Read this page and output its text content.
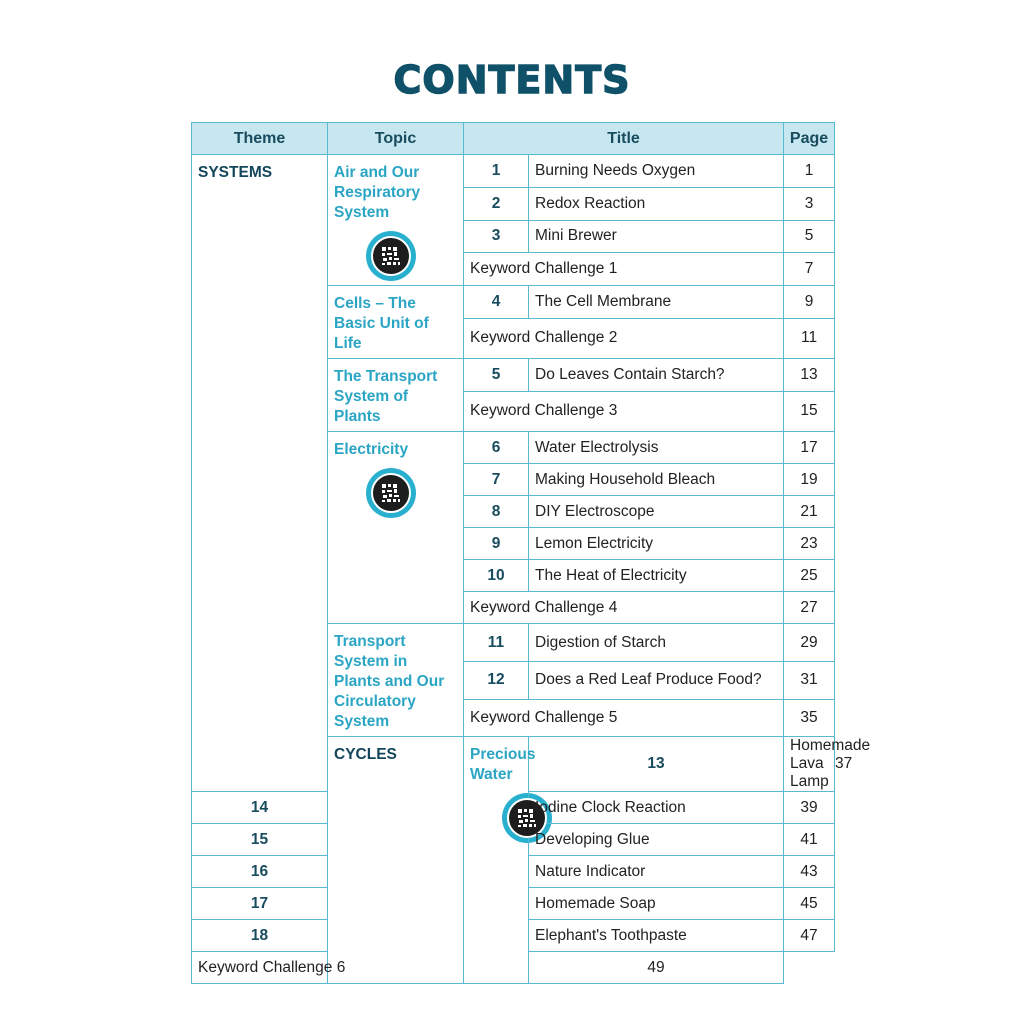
CONTENTS
Theme	Topic	Title		Page	
SYSTEMS	Air and Our Respiratory System	1	Burning Needs Oxygen	1	
		2	Redox Reaction	3	
		3	Mini Brewer	5	
		Keyword Challenge 1		7	
	Cells – The Basic Unit of Life	4	The Cell Membrane	9	
		Keyword Challenge 2		11	
	The Transport System of Plants	5	Do Leaves Contain Starch?	13	
		Keyword Challenge 3		15	

	Electricity	6	Water Electrolysis	17	
		7	Making Household Bleach	19	
		8	DIY Electroscope	21	
		9	Lemon Electricity	23	
		10	The Heat of Electricity	25	
		Keyword Challenge 4		27	
	Transport System in Plants and Our Circulatory System	11	Digestion of Starch	29	
		12	Does a Red Leaf Produce Food?	31	
		Keyword Challenge 5		35	
	CYCLES	Precious Water	13	Homemade Lava Lamp	37
14			Iodine Clock Reaction	39	
15			Developing Glue	41	
16			Nature Indicator	43	
17			Homemade Soap	45	
18			Elephant's Toothpaste	47	
Keyword Challenge 6			49		
